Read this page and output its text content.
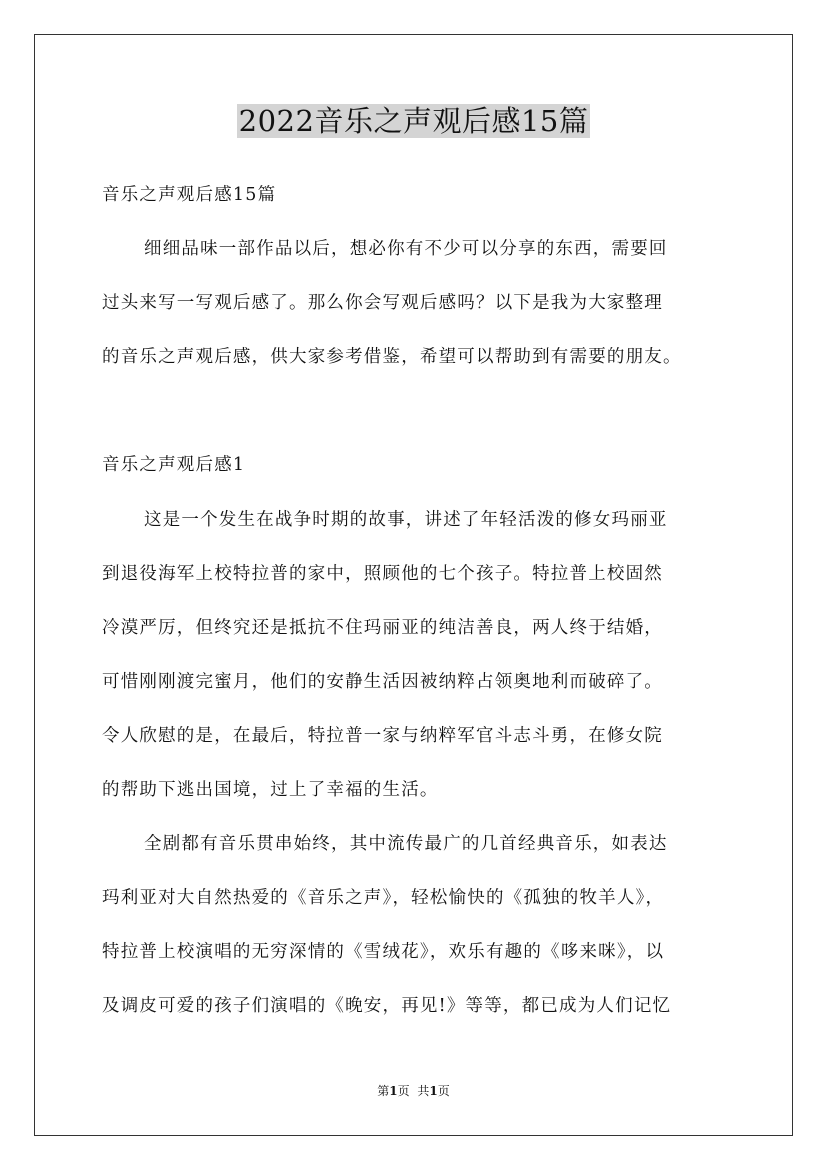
2022音乐之声观后感15篇
音乐之声观后感15篇
细细品味一部作品以后，想必你有不少可以分享的东西，需要回
过头来写一写观后感了。那么你会写观后感吗？以下是我为大家整理
的音乐之声观后感，供大家参考借鉴，希望可以帮助到有需要的朋友。
音乐之声观后感1
这是一个发生在战争时期的故事，讲述了年轻活泼的修女玛丽亚
到退役海军上校特拉普的家中，照顾他的七个孩子。特拉普上校固然
冷漠严厉，但终究还是抵抗不住玛丽亚的纯洁善良，两人终于结婚，
可惜刚刚渡完蜜月，他们的安静生活因被纳粹占领奥地利而破碎了。
令人欣慰的是，在最后，特拉普一家与纳粹军官斗志斗勇，在修女院
的帮助下逃出国境，过上了幸福的生活。
全剧都有音乐贯串始终，其中流传最广的几首经典音乐，如表达
玛利亚对大自然热爱的《音乐之声》，轻松愉快的《孤独的牧羊人》，
特拉普上校演唱的无穷深情的《雪绒花》，欢乐有趣的《哆来咪》，以
及调皮可爱的孩子们演唱的《晚安，再见!》等等，都已成为人们记忆
第1页 共1页
